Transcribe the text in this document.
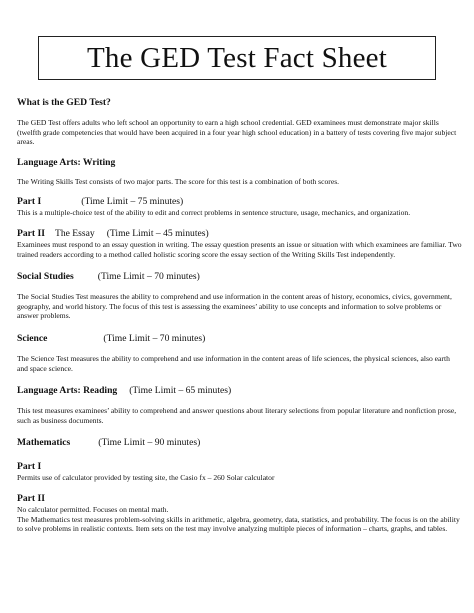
The GED Test Fact Sheet

What is the GED Test?

The GED Test offers adults who left school an opportunity to earn a high school credential. GED examinees must demonstrate major skills (twelfth grade competencies that would have been acquired in a four year high school education) in a battery of tests covering five major subject areas.

Language Arts: Writing

The Writing Skills Test consists of two major parts. The score for this test is a combination of both scores.

Part I	(Time Limit – 75 minutes)

This is a multiple-choice test of the ability to edit and correct problems in sentence structure, usage, mechanics, and organization.

Part II The Essay (Time Limit – 45 minutes)

Examinees must respond to an essay question in writing. The essay question presents an issue or situation with which examinees are familiar. Two trained readers according to a method called holistic scoring score the essay section of the Writing Skills Test independently.

Social Studies	(Time Limit – 70 minutes)

The Social Studies Test measures the ability to comprehend and use information in the content areas of history, economics, civics, government, geography, and world history. The focus of this test is assessing the examinees’ ability to use concepts and information to solve problems or answer problems.

Science	(Time Limit – 70 minutes)

The Science Test measures the ability to comprehend and use information in the content areas of life sciences, the physical sciences, also earth and space science.

Language Arts: Reading (Time Limit – 65 minutes)

This test measures examinees’ ability to comprehend and answer questions about literary selections from popular literature and nonfiction prose, such as business documents.

Mathematics	(Time Limit – 90 minutes)

Part I

Permits use of calculator provided by testing site, the Casio fx – 260 Solar calculator

Part II

No calculator permitted. Focuses on mental math.

The Mathematics test measures problem-solving skills in arithmetic, algebra, geometry, data, statistics, and probability. The focus is on the ability to solve problems in realistic contexts. Item sets on the test may involve analyzing multiple pieces of information – charts, graphs, and tables.
